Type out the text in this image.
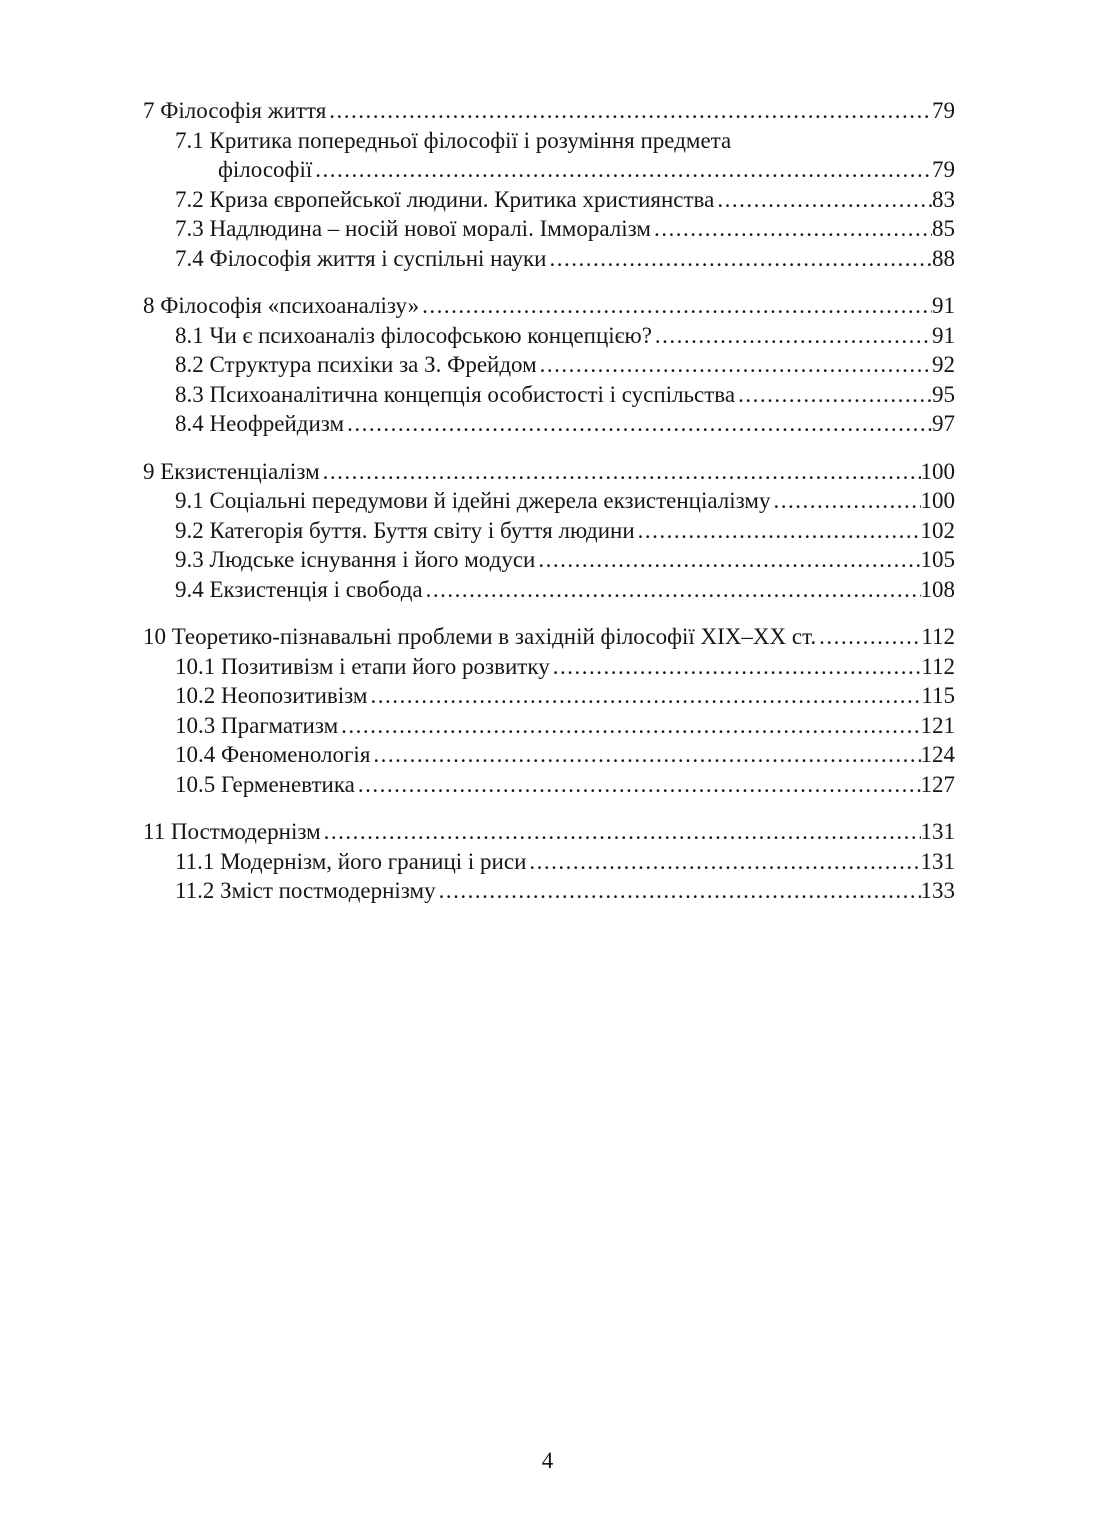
7 Філософія життя .....	79
7.1 Критика попередньої філософії і розуміння предмета
філософії .....	79
7.2 Криза європейської людини. Критика християнства .....	83
7.3 Надлюдина – носій нової моралі. Імморалізм .....	85
7.4 Філософія життя і суспільні науки .....	88
8 Філософія «психоаналізу» .....	91
8.1 Чи є психоаналіз філософською концепцією? .....	91
8.2 Структура психіки за З. Фрейдом .....	92
8.3 Психоаналітична концепція особистості і суспільства .....	95
8.4 Неофрейдизм .....	97
9 Екзистенціалізм .....	100
9.1 Соціальні передумови й ідейні джерела екзистенціалізму .....	100
9.2 Категорія буття. Буття світу і буття людини .....	102
9.3 Людське існування і його модуси .....	105
9.4 Екзистенція і свобода .....	108
10 Теоретико-пізнавальні проблеми в західній філософії ХІХ–ХХ ст. .....	112
10.1 Позитивізм і етапи його розвитку .....	112
10.2 Неопозитивізм .....	115
10.3 Прагматизм .....	121
10.4 Феноменологія .....	124
10.5 Герменевтика .....	127
11 Постмодернізм .....	131
11.1 Модернізм, його границі і риси .....	131
11.2 Зміст постмодернізму .....	133
4
